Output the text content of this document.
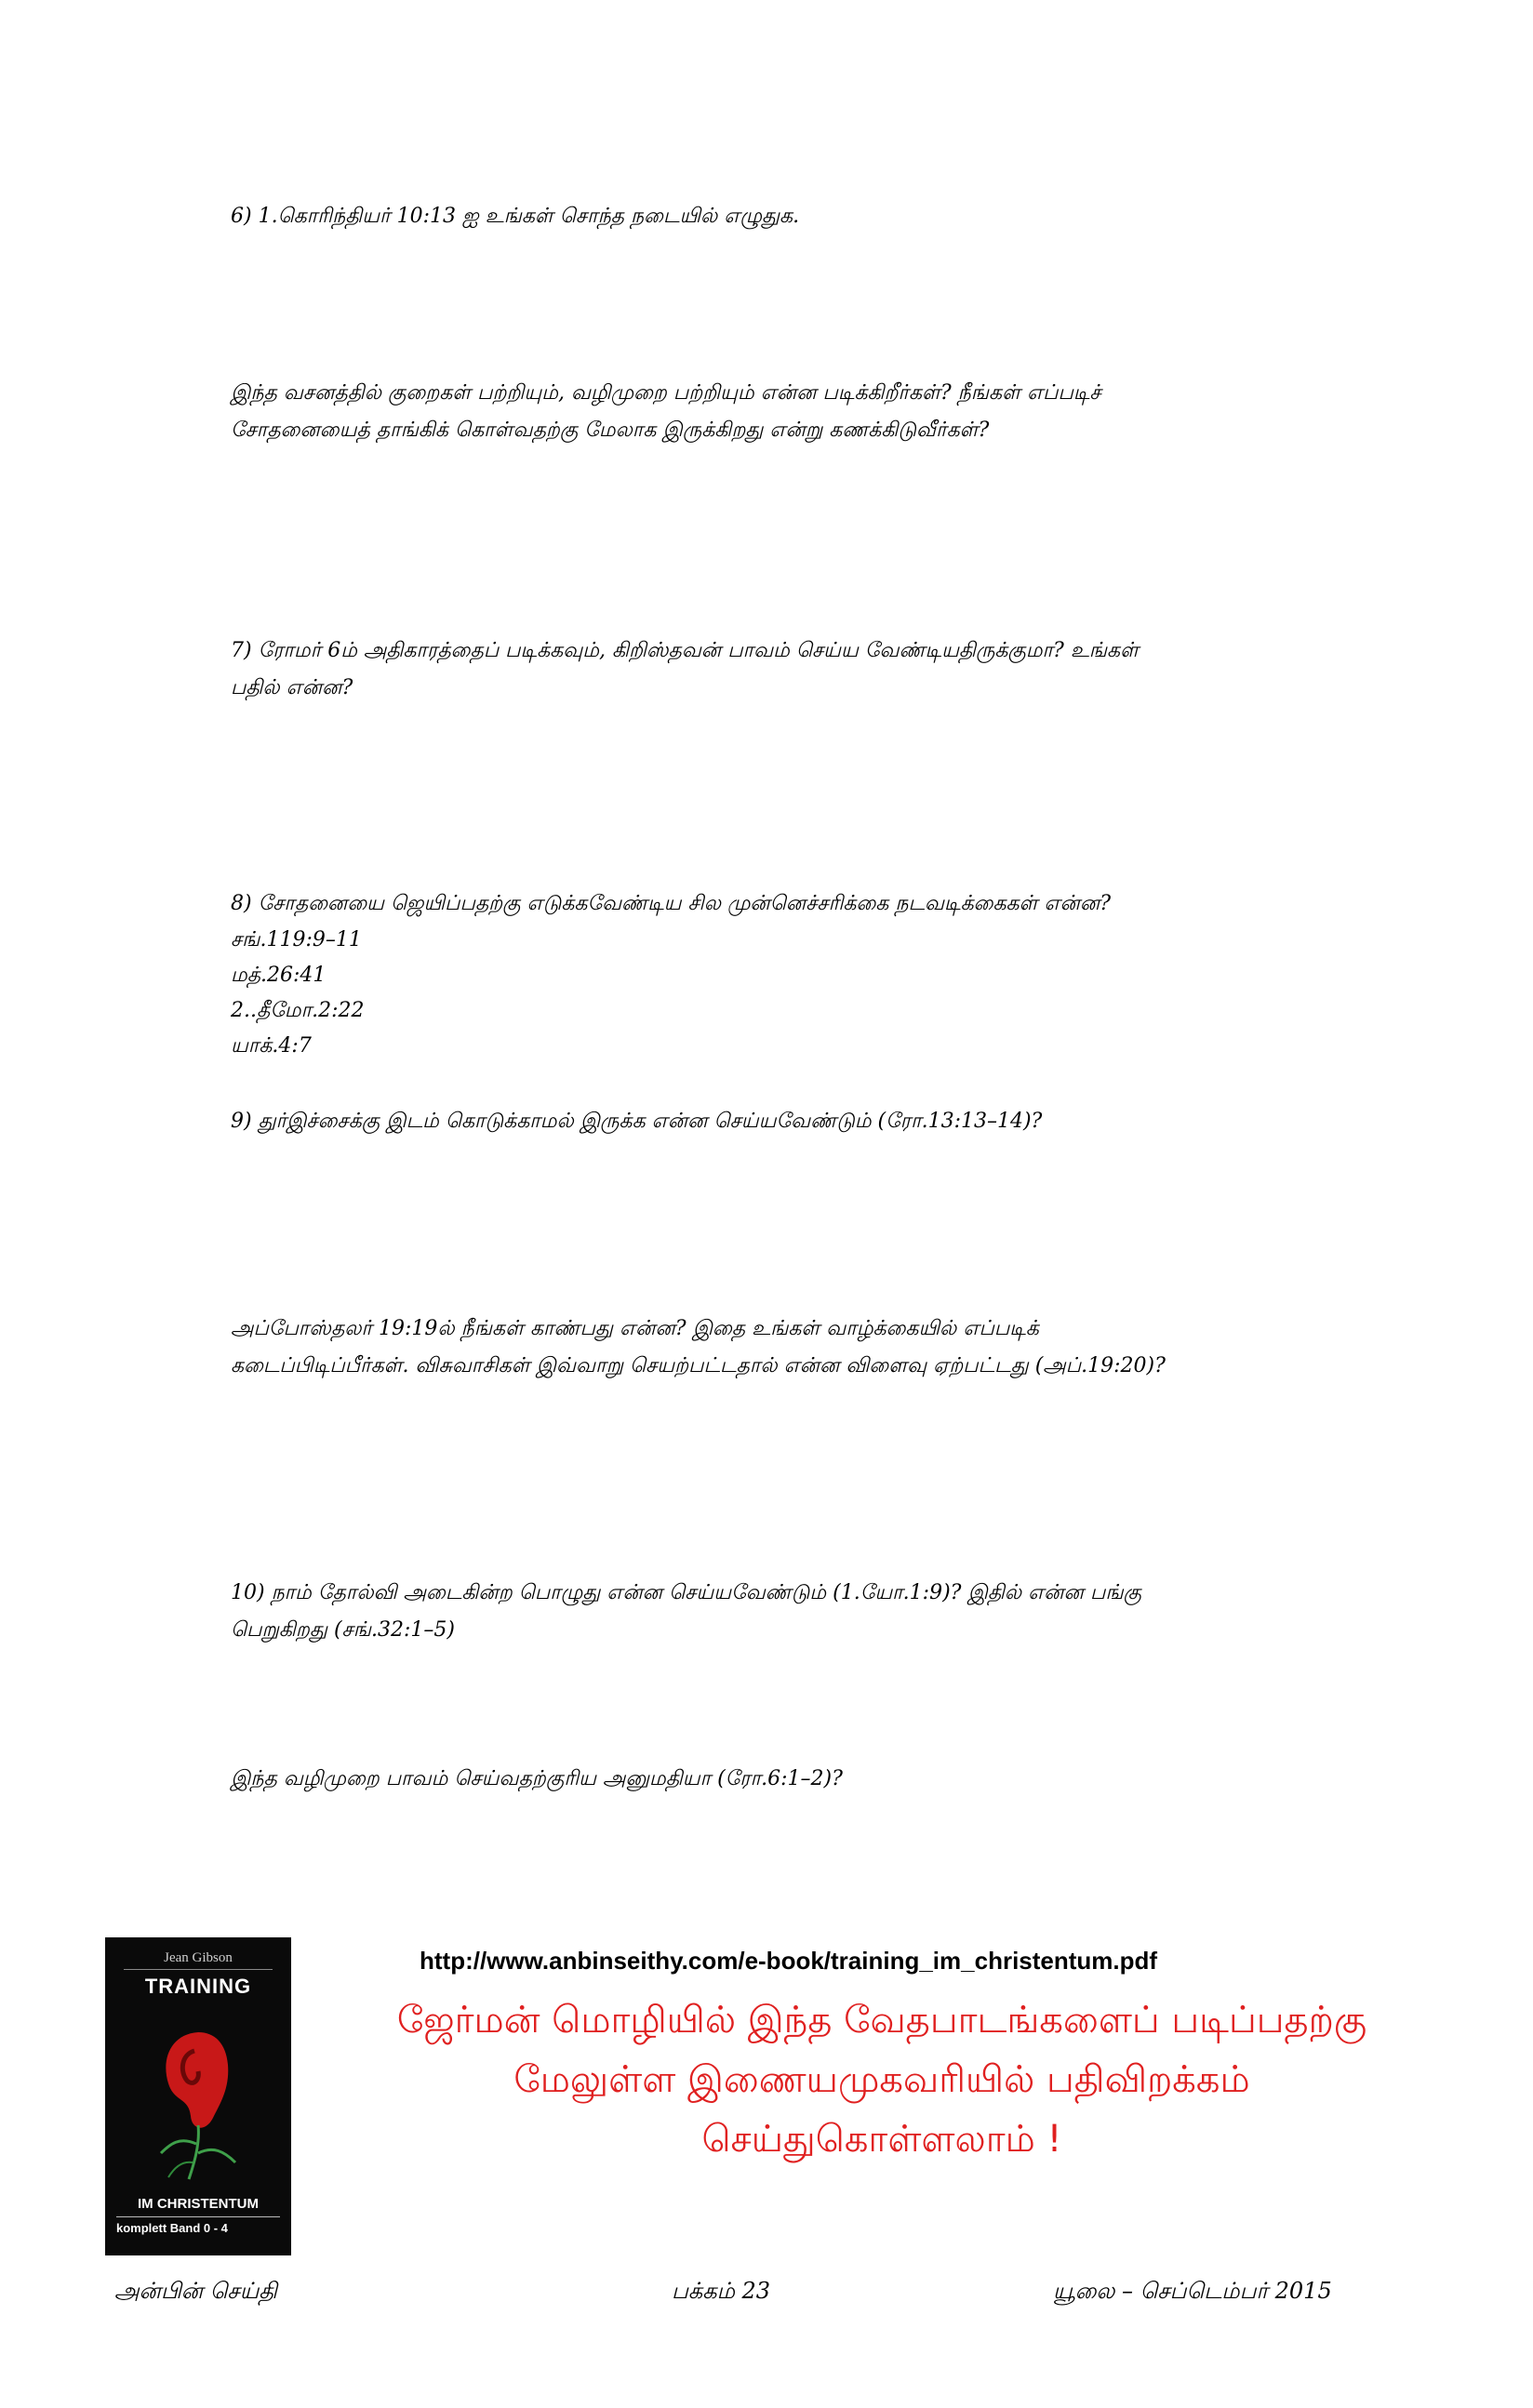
6) 1.கொரிந்தியர் 10:13 ஐ உங்கள் சொந்த நடையில் எழுதுக.
இந்த வசனத்தில் குறைகள் பற்றியும், வழிமுறை பற்றியும் என்ன படிக்கிறீர்கள்? நீங்கள் எப்படிச்
சோதனையைத் தாங்கிக் கொள்வதற்கு மேலாக இருக்கிறது என்று கணக்கிடுவீர்கள்?
7) ரோமர் 6ம் அதிகாரத்தைப் படிக்கவும், கிறிஸ்தவன் பாவம் செய்ய வேண்டியதிருக்குமா? உங்கள்
பதில் என்ன?
8) சோதனையை ஜெயிப்பதற்கு எடுக்கவேண்டிய சில முன்னெச்சரிக்கை நடவடிக்கைகள் என்ன?
சங்.119:9–11
மத்.26:41
2..தீமோ.2:22
யாக்.4:7
9) துர்இச்சைக்கு இடம் கொடுக்காமல் இருக்க என்ன செய்யவேண்டும் (ரோ.13:13–14)?
அப்போஸ்தலர் 19:19ல் நீங்கள் காண்பது என்ன? இதை உங்கள் வாழ்க்கையில் எப்படிக்
கடைப்பிடிப்பீர்கள். விசுவாசிகள் இவ்வாறு செயற்பட்டதால் என்ன விளைவு ஏற்பட்டது (அப்.19:20)?
10) நாம் தோல்வி அடைகின்ற பொழுது என்ன செய்யவேண்டும் (1.யோ.1:9)? இதில் என்ன பங்கு
பெறுகிறது (சங்.32:1–5)
இந்த வழிமுறை பாவம் செய்வதற்குரிய அனுமதியா (ரோ.6:1–2)?
Jean Gibson
TRAINING
IM CHRISTENTUM
komplett Band 0 - 4
http://www.anbinseithy.com/e-book/training_im_christentum.pdf
ஜேர்மன் மொழியில் இந்த வேதபாடங்களைப் படிப்பதற்கு
மேலுள்ள இணையமுகவரியில் பதிவிறக்கம்
செய்துகொள்ளலாம் !
அன்பின் செய்தி	பக்கம் 23	யூலை – செப்டெம்பர் 2015
